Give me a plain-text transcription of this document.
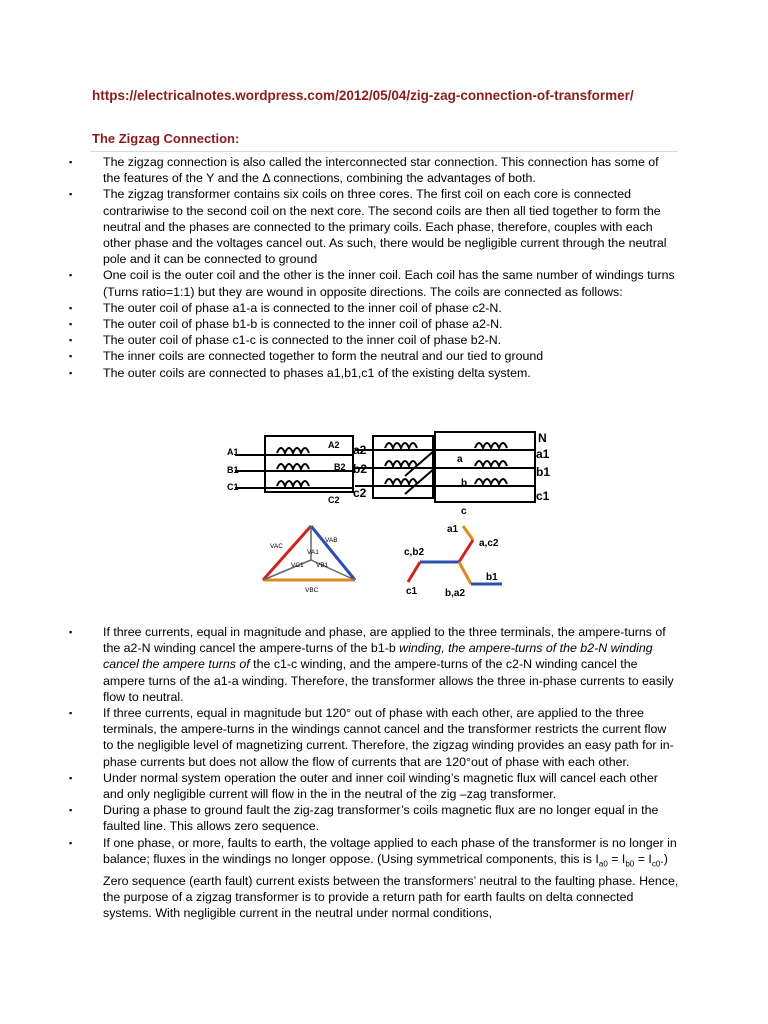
https://electricalnotes.wordpress.com/2012/05/04/zig-zag-connection-of-transformer/
The Zigzag Connection:
▪ The zigzag connection is also called the interconnected star connection. This connection has some of the features of the Y and the Δ connections, combining the advantages of both.
▪ The zigzag transformer contains six coils on three cores. The first coil on each core is connected contrariwise to the second coil on the next core. The second coils are then all tied together to form the neutral and the phases are connected to the primary coils. Each phase, therefore, couples with each other phase and the voltages cancel out. As such, there would be negligible current through the neutral pole and it can be connected to ground
▪ One coil is the outer coil and the other is the inner coil. Each coil has the same number of windings turns (Turns ratio=1:1) but they are wound in opposite directions. The coils are connected as follows:
▪ The outer coil of phase a1-a is connected to the inner coil of phase c2-N.
▪ The outer coil of phase b1-b is connected to the inner coil of phase a2-N.
▪ The outer coil of phase c1-c is connected to the inner coil of phase b2-N.
▪ The inner coils are connected together to form the neutral and our tied to ground
▪ The outer coils are connected to phases a1,b1,c1 of the existing delta system.
A1
B1
C1
A2
B2
C2
a2
b2
c2
a
b
c
N
a1
b1
c1
VAC
VAB
VA1
VC1 VB1
VBC
a1
a,c2
c,b2
b1
c1	b,a2
▪ If three currents, equal in magnitude and phase, are applied to the three terminals, the ampere-turns of the a2-N winding cancel the ampere-turns of the b1-b winding, the ampere-turns of the b2-N winding cancel the ampere turns of the c1-c winding, and the ampere-turns of the c2-N winding cancel the ampere turns of the a1-a winding. Therefore, the transformer allows the three in-phase currents to easily flow to neutral.
▪ If three currents, equal in magnitude but 120° out of phase with each other, are applied to the three terminals, the ampere-turns in the windings cannot cancel and the transformer restricts the current flow to the negligible level of magnetizing current. Therefore, the zigzag winding provides an easy path for in-phase currents but does not allow the flow of currents that are 120°out of phase with each other.
▪ Under normal system operation the outer and inner coil winding’s magnetic flux will cancel each other and only negligible current will flow in the in the neutral of the zig –zag transformer.
▪ During a phase to ground fault the zig-zag transformer’s coils magnetic flux are no longer equal in the faulted line. This allows zero sequence.
▪ If one phase, or more, faults to earth, the voltage applied to each phase of the transformer is no longer in balance; fluxes in the windings no longer oppose. (Using symmetrical components, this is $I_{a0} = I_{b0} = I_{c0}$.) Zero sequence (earth fault) current exists between the transformers’ neutral to the faulting phase. Hence, the purpose of a zigzag transformer is to provide a return path for earth faults on delta connected systems. With negligible current in the neutral under normal conditions,
